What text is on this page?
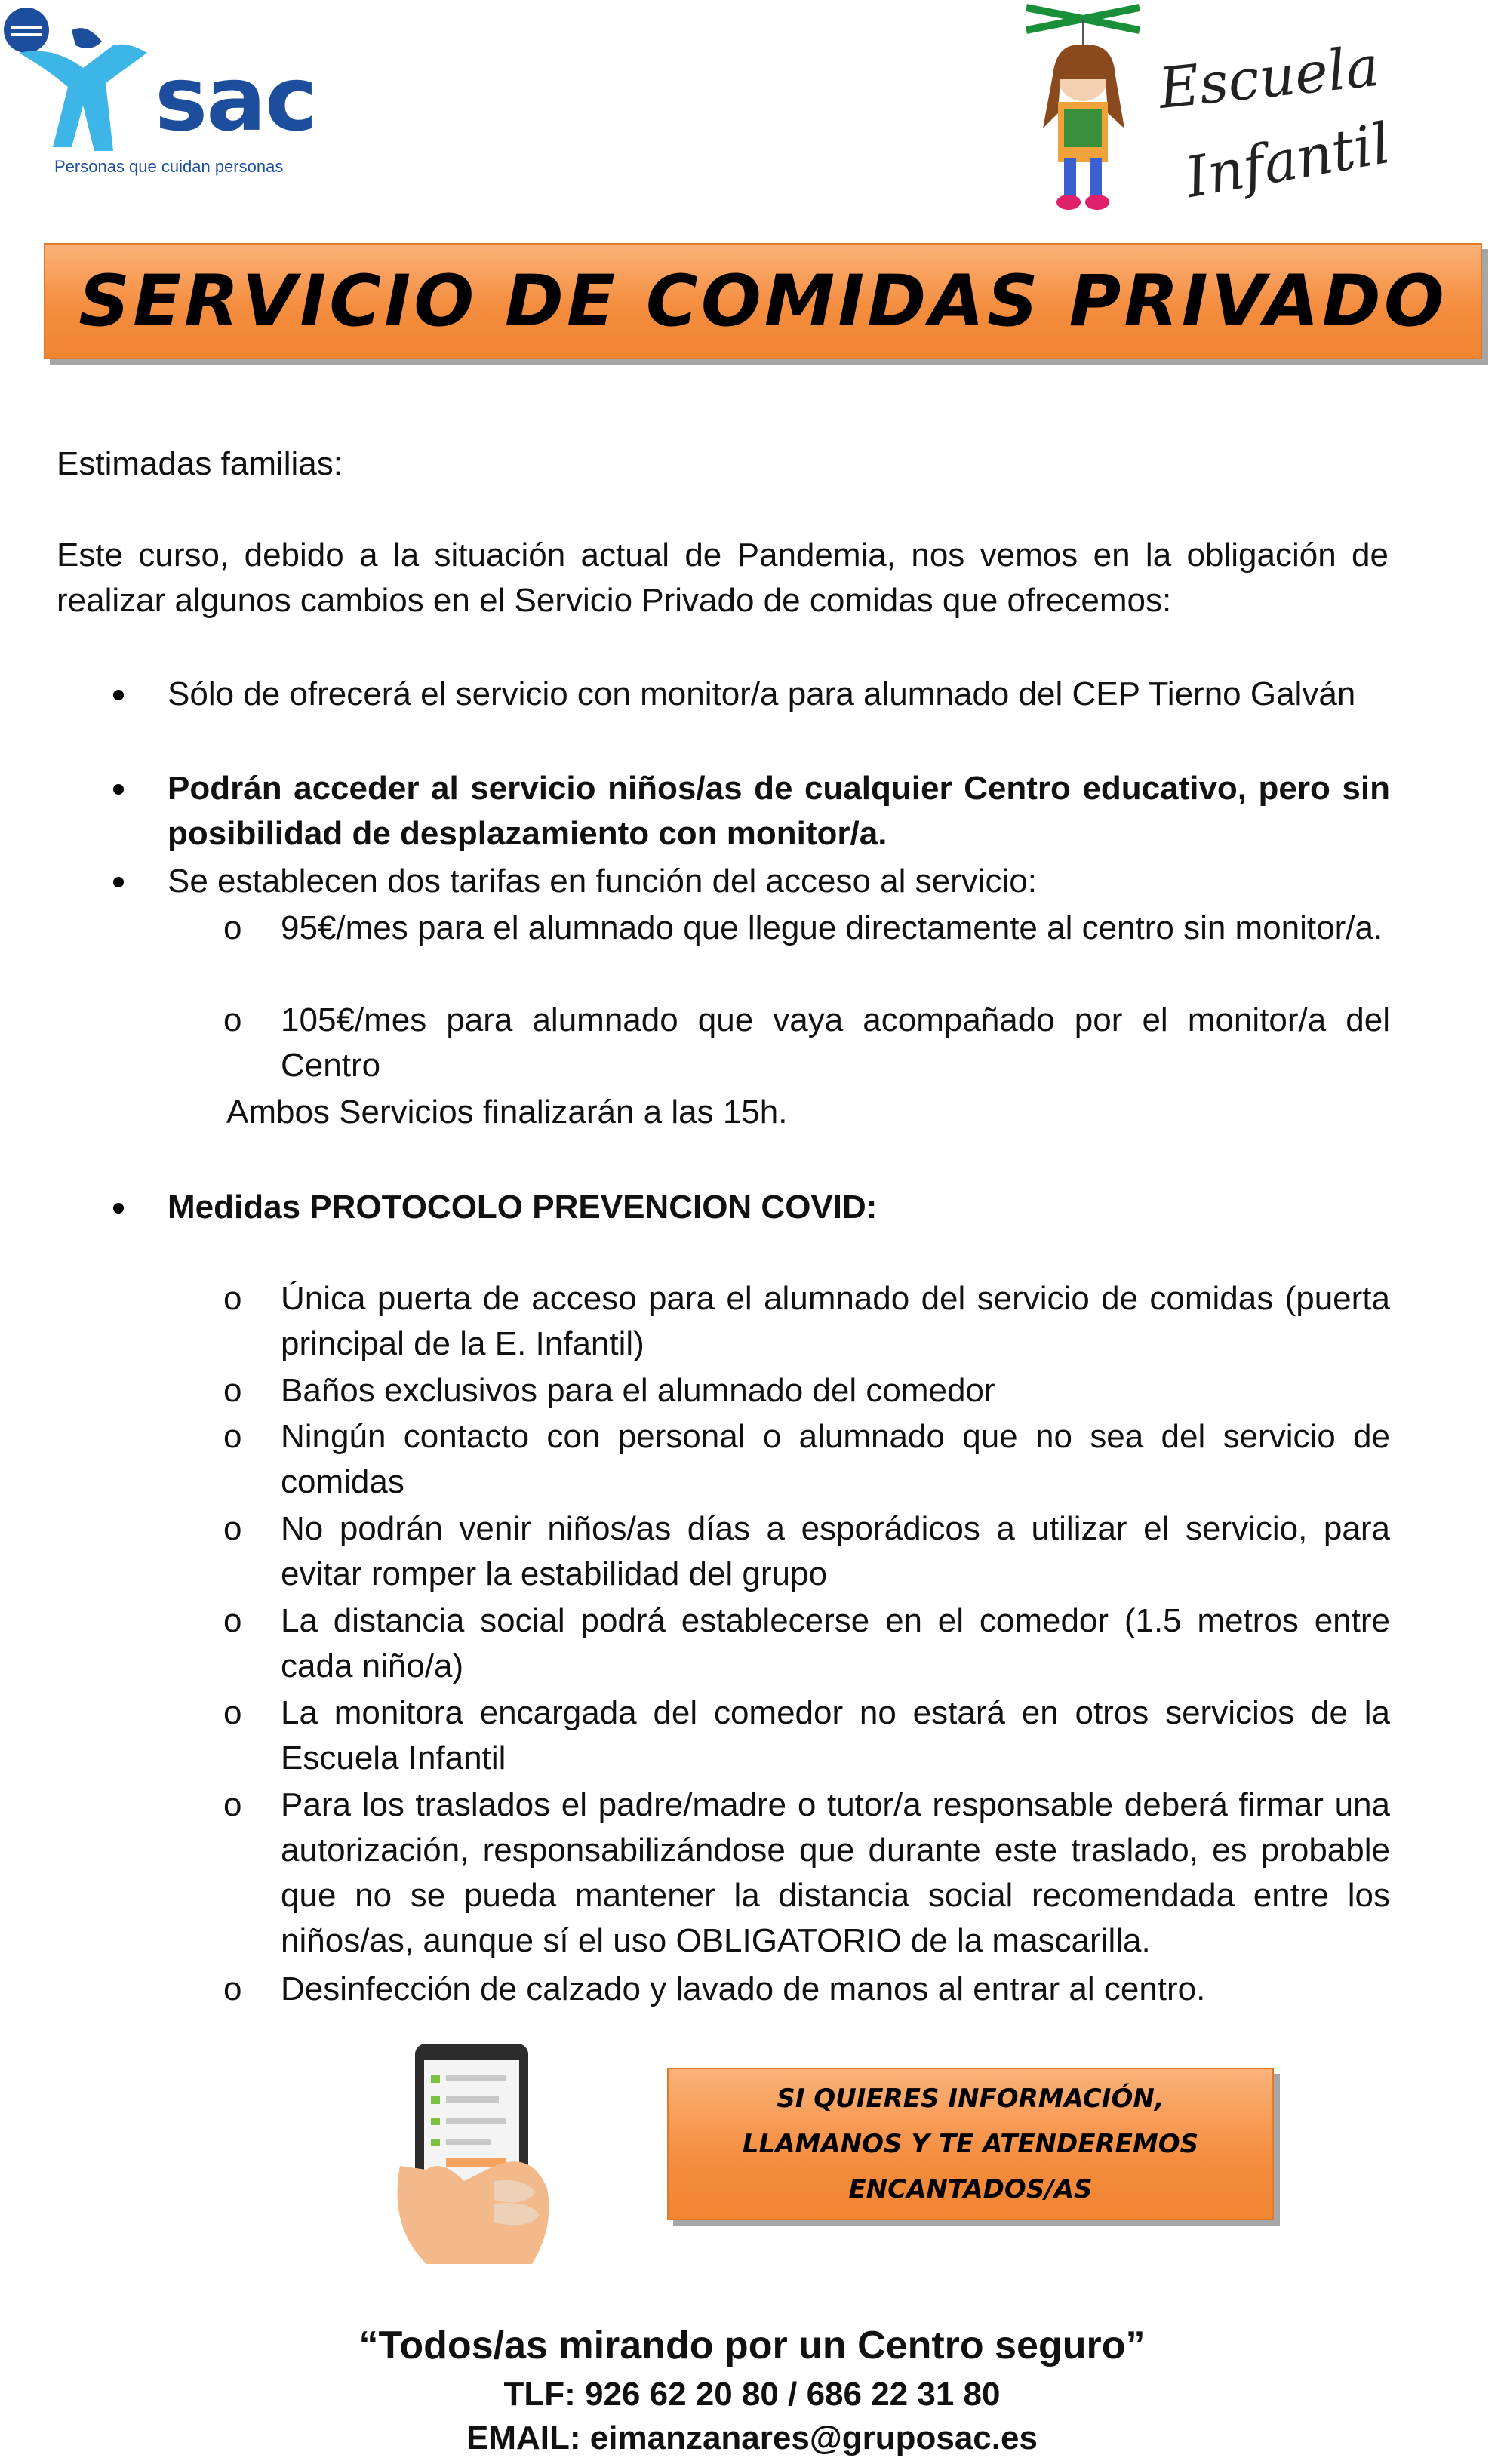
sac
Personas que cuidan personas
Escuela
Infantil
SERVICIO DE COMIDAS PRIVADO
Estimadas familias:
Este curso, debido a la situación actual de Pandemia, nos vemos en la obligación de realizar algunos cambios en el Servicio Privado de comidas que ofrecemos:
Sólo de ofrecerá el servicio con monitor/a para alumnado del CEP Tierno Galván
Podrán acceder al servicio niños/as de cualquier Centro educativo, pero sin posibilidad de desplazamiento con monitor/a.
Se establecen dos tarifas en función del acceso al servicio:
o 95€/mes para el alumnado que llegue directamente al centro sin monitor/a.
o 105€/mes para alumnado que vaya acompañado por el monitor/a del Centro
Ambos Servicios finalizarán a las 15h.
Medidas PROTOCOLO PREVENCION COVID:
o Única puerta de acceso para el alumnado del servicio de comidas (puerta principal de la E. Infantil)
o Baños exclusivos para el alumnado del comedor
o Ningún contacto con personal o alumnado que no sea del servicio de comidas
o No podrán venir niños/as días a esporádicos a utilizar el servicio, para evitar romper la estabilidad del grupo
o La distancia social podrá establecerse en el comedor (1.5 metros entre cada niño/a)
o La monitora encargada del comedor no estará en otros servicios de la Escuela Infantil
o Para los traslados el padre/madre o tutor/a responsable deberá firmar una autorización, responsabilizándose que durante este traslado, es probable que no se pueda mantener la distancia social recomendada entre los niños/as, aunque sí el uso OBLIGATORIO de la mascarilla.
o Desinfección de calzado y lavado de manos al entrar al centro.
SI QUIERES INFORMACIÓN,
LLAMANOS Y TE ATENDEREMOS
ENCANTADOS/AS
“Todos/as mirando por un Centro seguro”
TLF: 926 62 20 80 / 686 22 31 80
EMAIL: eimanzanares@gruposac.es
